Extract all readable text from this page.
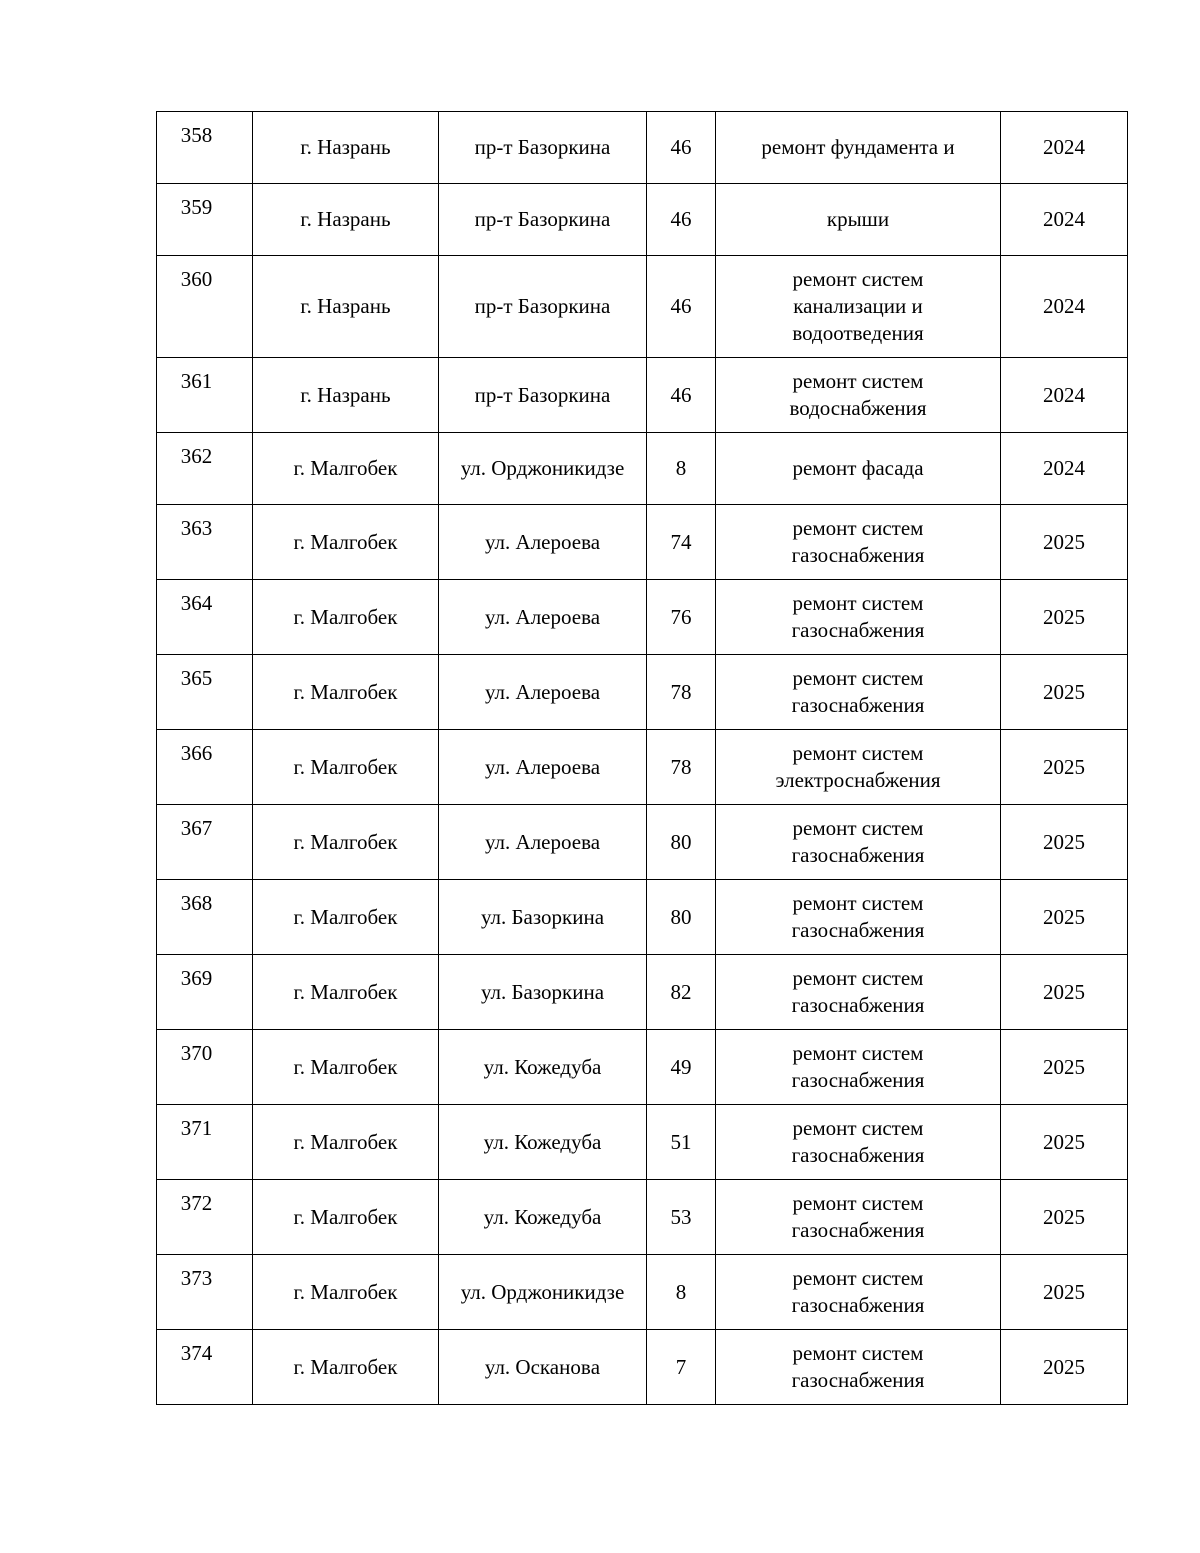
358	г. Назрань	пр-т Базоркина	46	ремонт фундамента и	2024
359	г. Назрань	пр-т Базоркина	46	крыши	2024
360	г. Назрань	пр-т Базоркина	46	ремонт систем канализации и водоотведения	2024
361	г. Назрань	пр-т Базоркина	46	ремонт систем водоснабжения	2024
362	г. Малгобек	ул. Орджоникидзе	8	ремонт фасада	2024
363	г. Малгобек	ул. Алероева	74	ремонт систем газоснабжения	2025
364	г. Малгобек	ул. Алероева	76	ремонт систем газоснабжения	2025
365	г. Малгобек	ул. Алероева	78	ремонт систем газоснабжения	2025
366	г. Малгобек	ул. Алероева	78	ремонт систем электроснабжения	2025
367	г. Малгобек	ул. Алероева	80	ремонт систем газоснабжения	2025
368	г. Малгобек	ул. Базоркина	80	ремонт систем газоснабжения	2025
369	г. Малгобек	ул. Базоркина	82	ремонт систем газоснабжения	2025
370	г. Малгобек	ул. Кожедуба	49	ремонт систем газоснабжения	2025
371	г. Малгобек	ул. Кожедуба	51	ремонт систем газоснабжения	2025
372	г. Малгобек	ул. Кожедуба	53	ремонт систем газоснабжения	2025
373	г. Малгобек	ул. Орджоникидзе	8	ремонт систем газоснабжения	2025
374	г. Малгобек	ул. Оскановa	7	ремонт систем газоснабжения	2025
